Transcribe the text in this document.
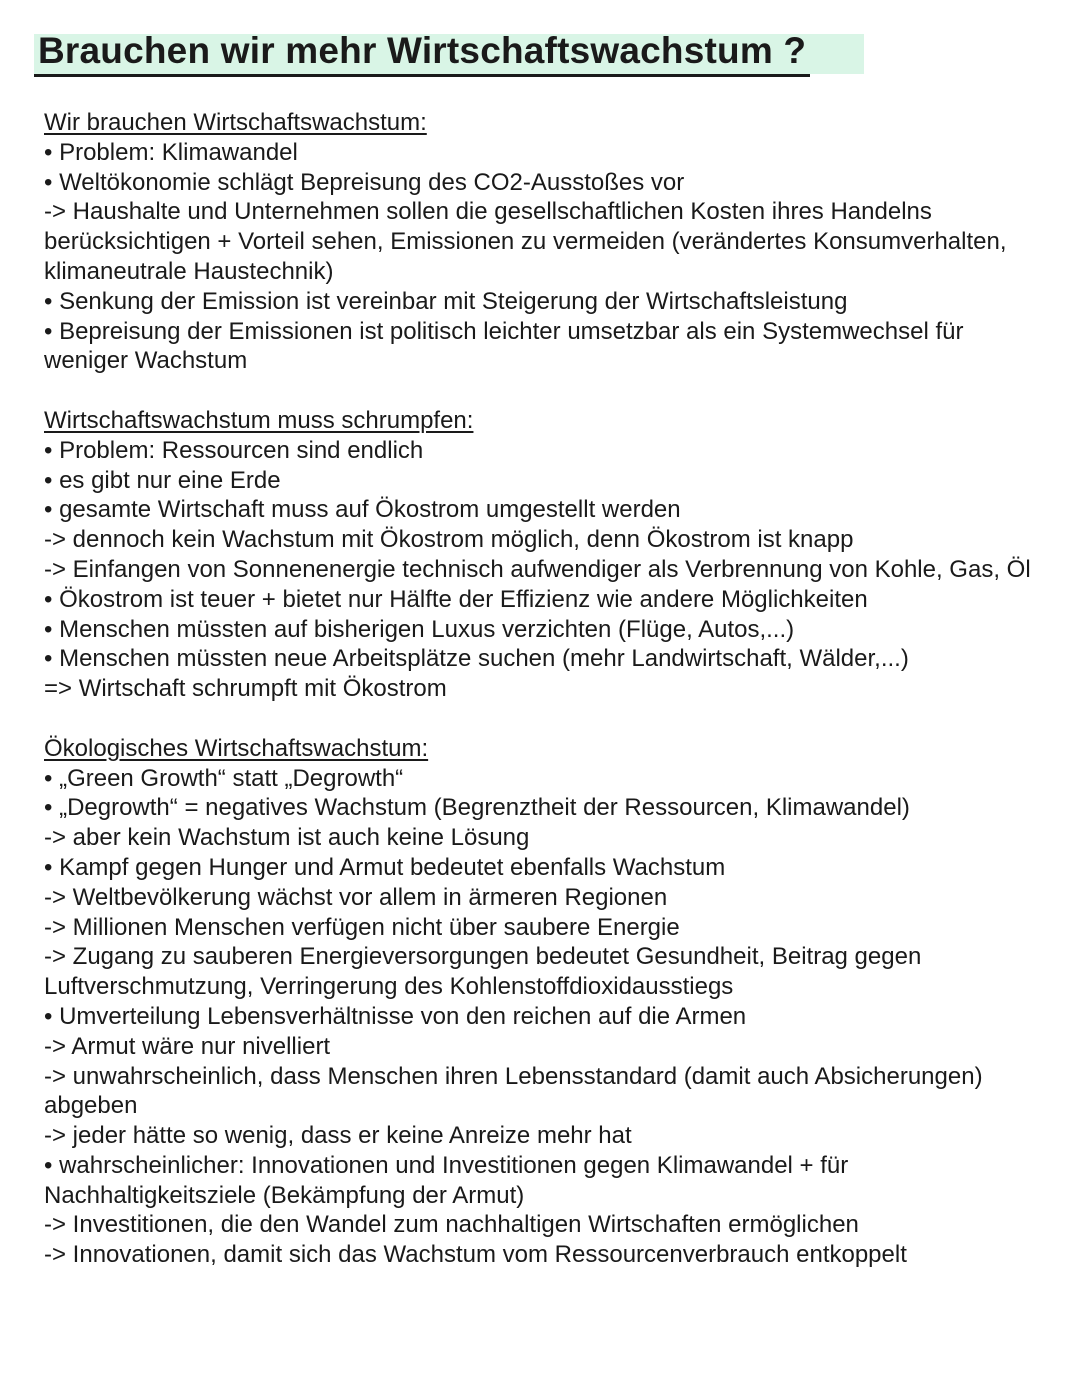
Brauchen wir mehr Wirtschaftswachstum ?
Wir brauchen Wirtschaftswachstum:
• Problem: Klimawandel
• Weltökonomie schlägt Bepreisung des CO2-Ausstoßes vor
-> Haushalte und Unternehmen sollen die gesellschaftlichen Kosten ihres Handelns berücksichtigen + Vorteil sehen, Emissionen zu vermeiden (verändertes Konsumverhalten, klimaneutrale Haustechnik)
• Senkung der Emission ist vereinbar mit Steigerung der Wirtschaftsleistung
• Bepreisung der Emissionen ist politisch leichter umsetzbar als ein Systemwechsel für weniger Wachstum
Wirtschaftswachstum muss schrumpfen:
• Problem: Ressourcen sind endlich
• es gibt nur eine Erde
• gesamte Wirtschaft muss auf Ökostrom umgestellt werden
-> dennoch kein Wachstum mit Ökostrom möglich, denn Ökostrom ist knapp
-> Einfangen von Sonnenenergie technisch aufwendiger als Verbrennung von Kohle, Gas, Öl
• Ökostrom ist teuer + bietet nur Hälfte der Effizienz wie andere Möglichkeiten
• Menschen müssten auf bisherigen Luxus verzichten (Flüge, Autos,...)
• Menschen müssten neue Arbeitsplätze suchen (mehr Landwirtschaft, Wälder,...)
=> Wirtschaft schrumpft mit Ökostrom
Ökologisches Wirtschaftswachstum:
• „Green Growth“ statt „Degrowth“
• „Degrowth“ = negatives Wachstum (Begrenztheit der Ressourcen, Klimawandel)
-> aber kein Wachstum ist auch keine Lösung
• Kampf gegen Hunger und Armut bedeutet ebenfalls Wachstum
-> Weltbevölkerung wächst vor allem in ärmeren Regionen
-> Millionen Menschen verfügen nicht über saubere Energie
-> Zugang zu sauberen Energieversorgungen bedeutet Gesundheit, Beitrag gegen Luftverschmutzung, Verringerung des Kohlenstoffdioxidausstiegs
• Umverteilung Lebensverhältnisse von den reichen auf die Armen
-> Armut wäre nur nivelliert
-> unwahrscheinlich, dass Menschen ihren Lebensstandard (damit auch Absicherungen) abgeben
-> jeder hätte so wenig, dass er keine Anreize mehr hat
• wahrscheinlicher: Innovationen und Investitionen gegen Klimawandel + für Nachhaltigkeitsziele (Bekämpfung der Armut)
-> Investitionen, die den Wandel zum nachhaltigen Wirtschaften ermöglichen
-> Innovationen, damit sich das Wachstum vom Ressourcenverbrauch entkoppelt
